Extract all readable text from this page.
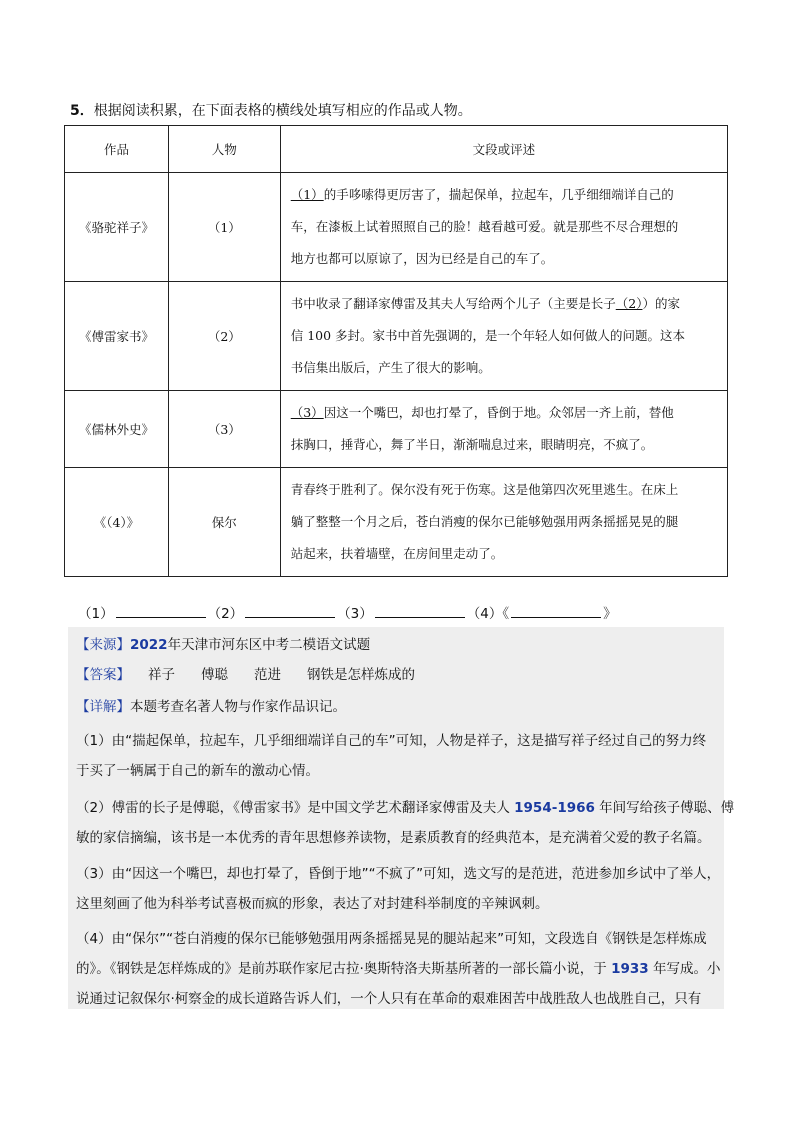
5．根据阅读积累，在下面表格的横线处填写相应的作品或人物。
作品	人物	文段或评述
《骆驼祥子》	（1）	（1）的手哆嗦得更厉害了，揣起保单，拉起车，几乎细细端详自己的
车，在漆板上试着照照自己的脸！越看越可爱。就是那些不尽合理想的
地方也都可以原谅了，因为已经是自己的车了。
《傅雷家书》	（2）	书中收录了翻译家傅雷及其夫人写给两个儿子（主要是长子（2））的家
信 100 多封。家书中首先强调的，是一个年轻人如何做人的问题。这本
书信集出版后，产生了很大的影响。
《儒林外史》	（3）	（3）因这一个嘴巴，却也打晕了，昏倒于地。众邻居一齐上前，替他
抹胸口，捶背心，舞了半日，渐渐喘息过来，眼睛明亮，不疯了。
《（4）》	保尔	青春终于胜利了。保尔没有死于伤寒。这是他第四次死里逃生。在床上
躺了整整一个月之后，苍白消瘦的保尔已能够勉强用两条摇摇晃晃的腿
站起来，扶着墙壁，在房间里走动了。
（1）	（2）	（3）	（4）《	》
【来源】2022年天津市河东区中考二模语文试题
【答案】 祥子 傅聪 范进 钢铁是怎样炼成的
【详解】本题考查名著人物与作家作品识记。
（1）由“揣起保单，拉起车，几乎细细端详自己的车”可知，人物是祥子，这是描写祥子经过自己的努力终
于买了一辆属于自己的新车的激动心情。
（2）傅雷的长子是傅聪，《傅雷家书》是中国文学艺术翻译家傅雷及夫人 1954-1966 年间写给孩子傅聪、傅
敏的家信摘编，该书是一本优秀的青年思想修养读物，是素质教育的经典范本，是充满着父爱的教子名篇。
（3）由“因这一个嘴巴，却也打晕了，昏倒于地”“不疯了”可知，选文写的是范进，范进参加乡试中了举人，
这里刻画了他为科举考试喜极而疯的形象，表达了对封建科举制度的辛辣讽刺。
（4）由“保尔”“苍白消瘦的保尔已能够勉强用两条摇摇晃晃的腿站起来”可知，文段选自《钢铁是怎样炼成
的》。《钢铁是怎样炼成的》是前苏联作家尼古拉·奥斯特洛夫斯基所著的一部长篇小说，于 1933 年写成。小
说通过记叙保尔·柯察金的成长道路告诉人们，一个人只有在革命的艰难困苦中战胜敌人也战胜自己，只有
